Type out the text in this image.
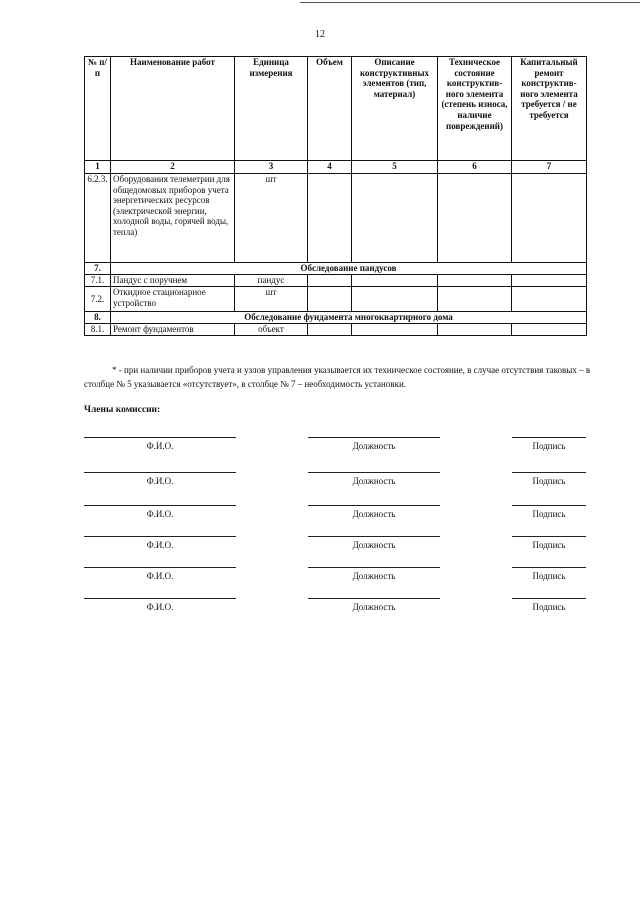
12
№ п/п	Наименование работ	Единица измерения	Объем	Описание конструктивных элементов (тип, материал)	Техническое состояние конструктив-ного элемента (степень износа, наличие повреждений)	Капитальный ремонт конструктив-ного элемента требуется / не требуется
1	2	3	4	5	6	7
6.2.3.	Оборудования телеметрии для общедомовых приборов учета энергетических ресурсов (электрической энергии, холодной воды, горячей воды, тепла)	шт				
7.	Обследование пандусов					
7.1.	Пандус с поручнем	пандус				
7.2.	Откидное стационарное устройство	шт				
8.	Обследование фундамента многоквартирного дома					
8.1.	Ремонт фундаментов	объект				

* - при наличии приборов учета и узлов управления указывается их техническое состояние, в случае отсутствия таковых – в столбце № 5 указывается «отсутствует», в столбце № 7 – необходимость установки.

Члены комиссии:
Ф.И.О.	Должность	Подпись
Ф.И.О.	Должность	Подпись
Ф.И.О.	Должность	Подпись
Ф.И.О.	Должность	Подпись
Ф.И.О.	Должность	Подпись
Ф.И.О.	Должность	Подпись
